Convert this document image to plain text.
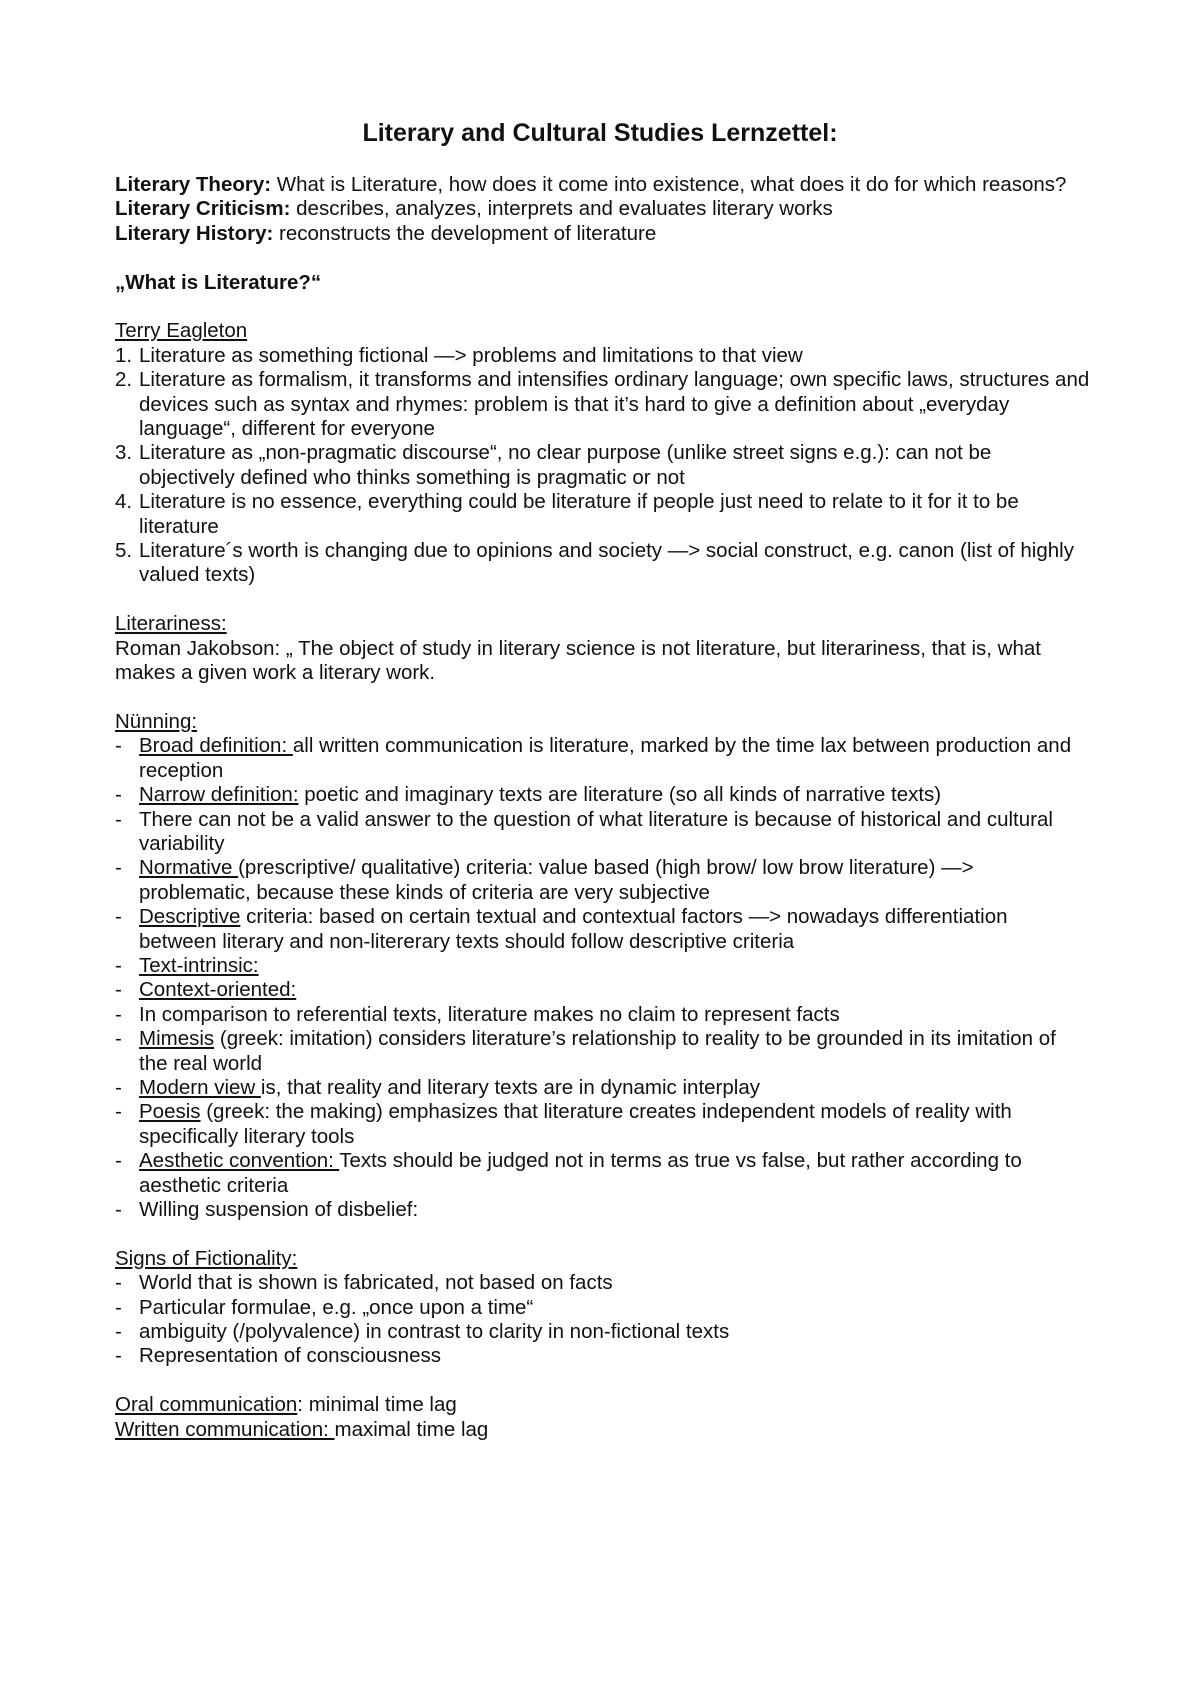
Literary and Cultural Studies Lernzettel:

Literary Theory: What is Literature, how does it come into existence, what does it do for which reasons?

Literary Criticism: describes, analyzes, interprets and evaluates literary works

Literary History: reconstructs the development of literature

„What is Literature?“

Terry Eagleton

1. Literature as something fictional —> problems and limitations to that view
2. Literature as formalism, it transforms and intensifies ordinary language; own specific laws, structures and devices such as syntax and rhymes: problem is that it’s hard to give a definition about „everyday language“, different for everyone
3. Literature as „non-pragmatic discourse“, no clear purpose (unlike street signs e.g.): can not be objectively defined who thinks something is pragmatic or not
4. Literature is no essence, everything could be literature if people just need to relate to it for it to be literature
5. Literature´s worth is changing due to opinions and society —> social construct, e.g. canon (list of highly valued texts)

Literariness:

Roman Jakobson: „ The object of study in literary science is not literature, but literariness, that is, what makes a given work a literary work.

Nünning:

- Broad definition: all written communication is literature, marked by the time lax between production and reception
- Narrow definition: poetic and imaginary texts are literature (so all kinds of narrative texts)
- There can not be a valid answer to the question of what literature is because of historical and cultural variability
- Normative (prescriptive/ qualitative) criteria: value based (high brow/ low brow literature) —> problematic, because these kinds of criteria are very subjective
- Descriptive criteria: based on certain textual and contextual factors —> nowadays differentiation between literary and non-litererary texts should follow descriptive criteria
- Text-intrinsic:
- Context-oriented:
- In comparison to referential texts, literature makes no claim to represent facts
- Mimesis (greek: imitation) considers literature’s relationship to reality to be grounded in its imitation of the real world
- Modern view is, that reality and literary texts are in dynamic interplay
- Poesis (greek: the making) emphasizes that literature creates independent models of reality with specifically literary tools
- Aesthetic convention: Texts should be judged not in terms as true vs false, but rather according to aesthetic criteria
- Willing suspension of disbelief:

Signs of Fictionality:

- World that is shown is fabricated, not based on facts
- Particular formulae, e.g. „once upon a time“
- ambiguity (/polyvalence) in contrast to clarity in non-fictional texts
- Representation of consciousness

Oral communication: minimal time lag

Written communication: maximal time lag
